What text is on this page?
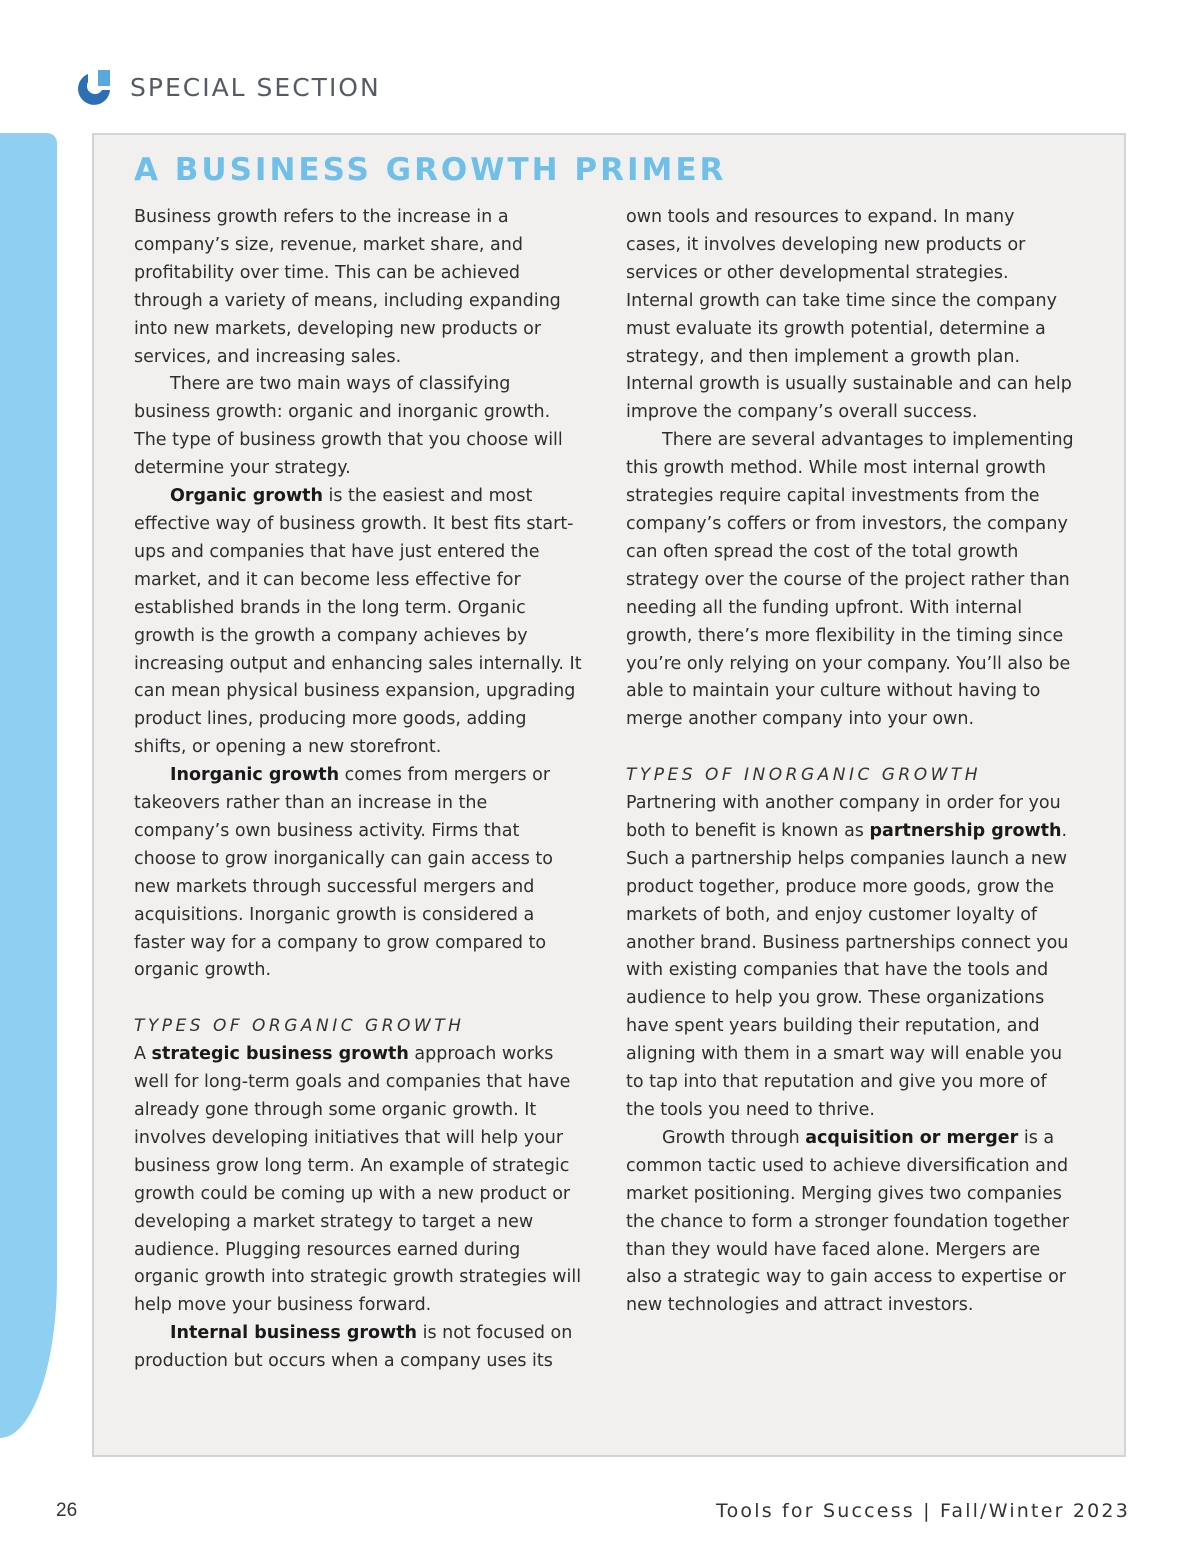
SPECIAL SECTION
A BUSINESS GROWTH PRIMER

Business growth refers to the increase in a company’s size, revenue, market share, and profitability over time. This can be achieved through a variety of means, including expanding into new markets, developing new products or services, and increasing sales.

There are two main ways of classifying business growth: organic and inorganic growth. The type of business growth that you choose will determine your strategy.

Organic growth is the easiest and most effective way of business growth. It best fits start-ups and companies that have just entered the market, and it can become less effective for established brands in the long term. Organic growth is the growth a company achieves by increasing output and enhancing sales internally. It can mean physical business expansion, upgrading product lines, producing more goods, adding shifts, or opening a new storefront.

Inorganic growth comes from mergers or takeovers rather than an increase in the company’s own business activity. Firms that choose to grow inorganically can gain access to new markets through successful mergers and acquisitions. Inorganic growth is considered a faster way for a company to grow compared to organic growth.

TYPES OF ORGANIC GROWTH

A strategic business growth approach works well for long-term goals and companies that have already gone through some organic growth. It involves developing initiatives that will help your business grow long term. An example of strategic growth could be coming up with a new product or developing a market strategy to target a new audience. Plugging resources earned during organic growth into strategic growth strategies will help move your business forward.

Internal business growth is not focused on production but occurs when a company uses its

own tools and resources to expand. In many cases, it involves developing new products or services or other developmental strategies. Internal growth can take time since the company must evaluate its growth potential, determine a strategy, and then implement a growth plan. Internal growth is usually sustainable and can help improve the company’s overall success.

There are several advantages to implementing this growth method. While most internal growth strategies require capital investments from the company’s coffers or from investors, the company can often spread the cost of the total growth strategy over the course of the project rather than needing all the funding upfront. With internal growth, there’s more flexibility in the timing since you’re only relying on your company. You’ll also be able to maintain your culture without having to merge another company into your own.

TYPES OF INORGANIC GROWTH

Partnering with another company in order for you both to benefit is known as partnership growth. Such a partnership helps companies launch a new product together, produce more goods, grow the markets of both, and enjoy customer loyalty of another brand. Business partnerships connect you with existing companies that have the tools and audience to help you grow. These organizations have spent years building their reputation, and aligning with them in a smart way will enable you to tap into that reputation and give you more of the tools you need to thrive.

Growth through acquisition or merger is a common tactic used to achieve diversification and market positioning. Merging gives two companies the chance to form a stronger foundation together than they would have faced alone. Mergers are also a strategic way to gain access to expertise or new technologies and attract investors.

26	Tools for Success | Fall/Winter 2023
